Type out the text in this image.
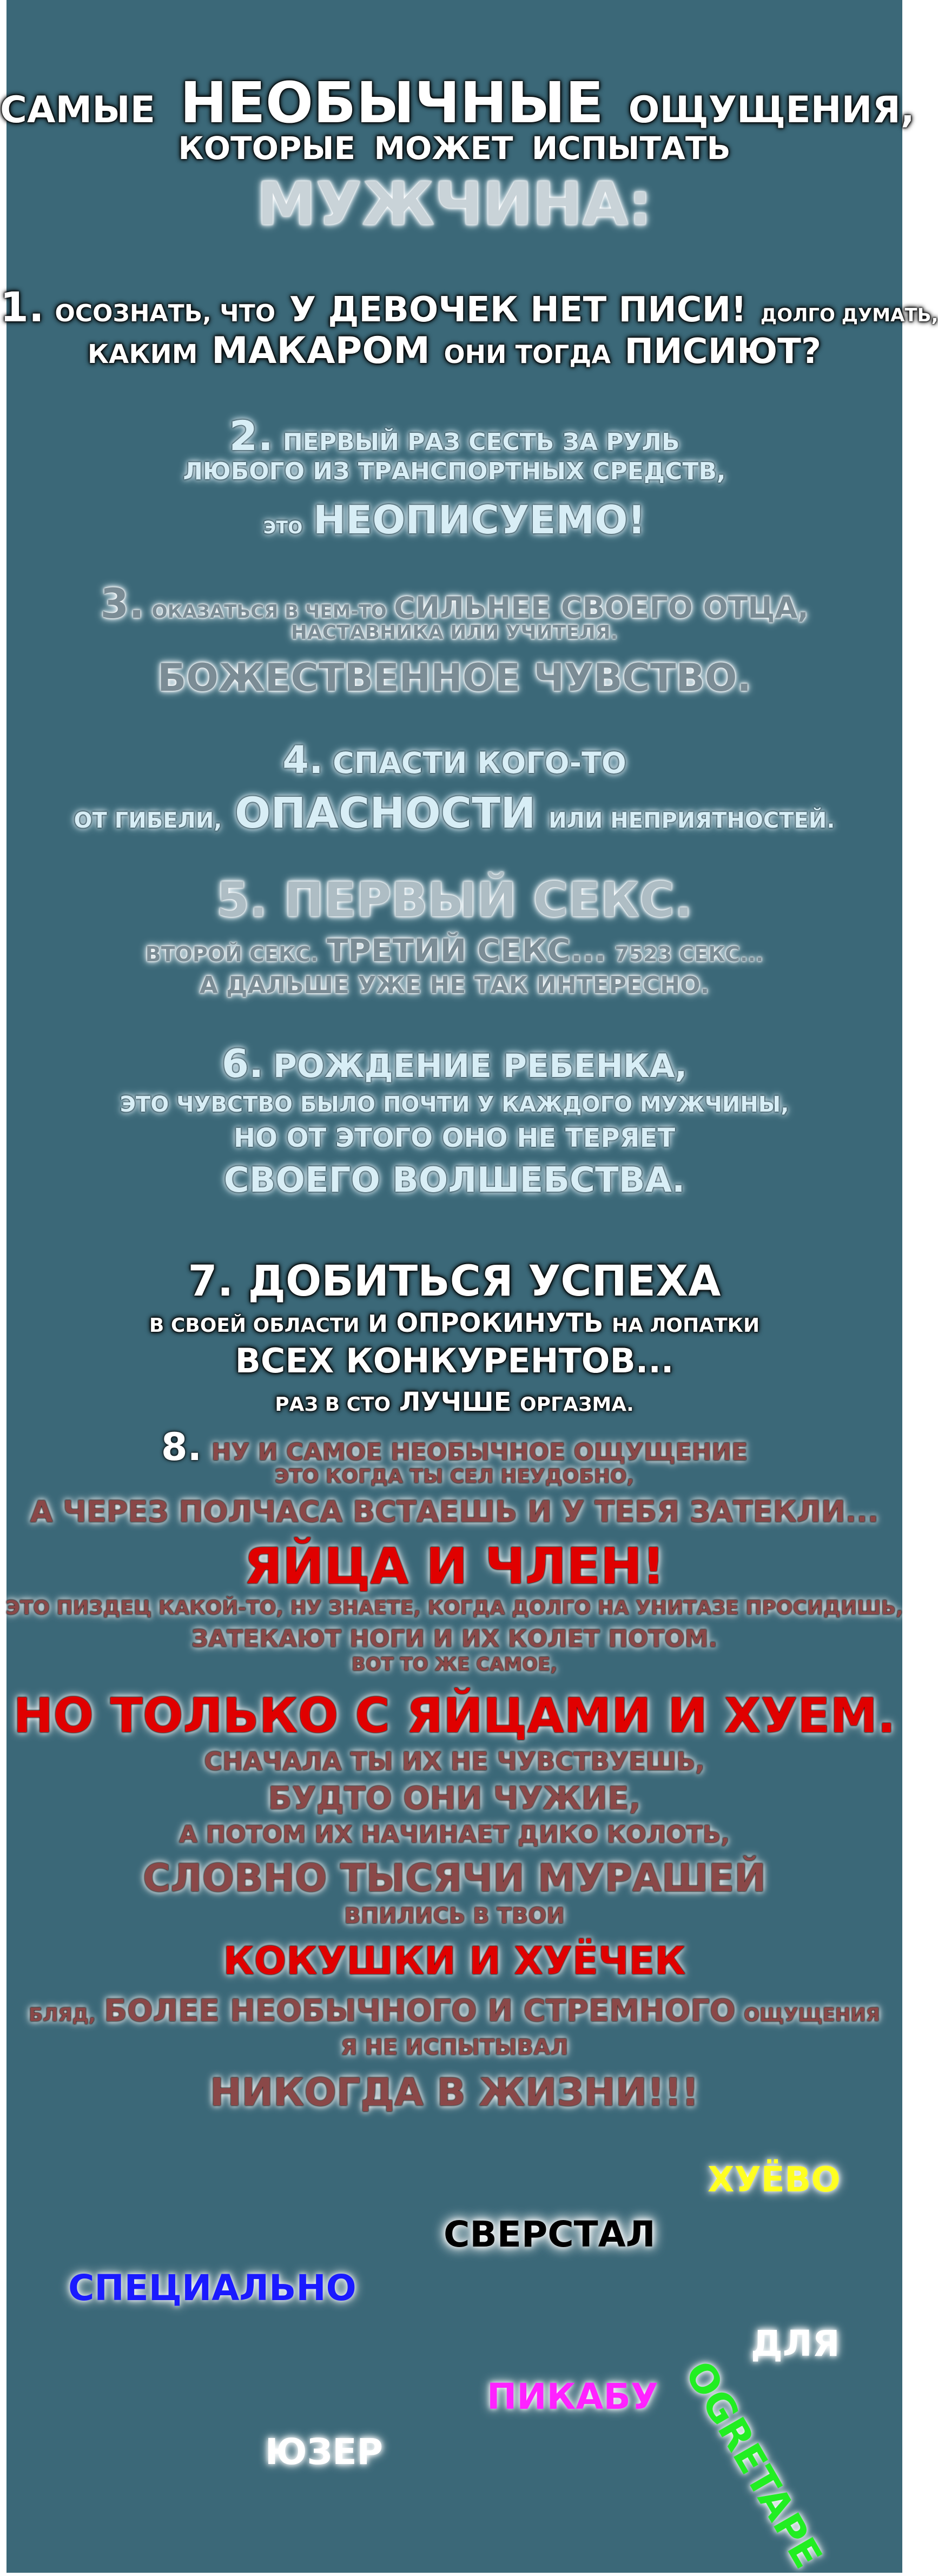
САМЫЕ НЕОБЫЧНЫЕ ОЩУЩЕНИЯ,
КОТОРЫЕ МОЖЕТ ИСПЫТАТЬ
МУЖЧИНА:
1. ОСОЗНАТЬ, ЧТО У ДЕВОЧЕК НЕТ ПИСИ! ДОЛГО ДУМАТЬ,
КАКИМ МАКАРОМ ОНИ ТОГДА ПИСИЮТ?
2. ПЕРВЫЙ РАЗ СЕСТЬ ЗА РУЛЬ
ЛЮБОГО ИЗ ТРАНСПОРТНЫХ СРЕДСТВ,
ЭТО НЕОПИСУЕМО!
3. ОКАЗАТЬСЯ В ЧЕМ-ТО СИЛЬНЕЕ СВОЕГО ОТЦА,
НАСТАВНИКА ИЛИ УЧИТЕЛЯ.
БОЖЕСТВЕННОЕ ЧУВСТВО.
4. СПАСТИ КОГО-ТО
ОТ ГИБЕЛИ, ОПАСНОСТИ ИЛИ НЕПРИЯТНОСТЕЙ.
5. ПЕРВЫЙ СЕКС.
ВТОРОЙ СЕКС. ТРЕТИЙ СЕКС... 7523 СЕКС...
А ДАЛЬШЕ УЖЕ НЕ ТАК ИНТЕРЕСНО.
6. РОЖДЕНИЕ РЕБЕНКА,
ЭТО ЧУВСТВО БЫЛО ПОЧТИ У КАЖДОГО МУЖЧИНЫ,
НО ОТ ЭТОГО ОНО НЕ ТЕРЯЕТ
СВОЕГО ВОЛШЕБСТВА.
7. ДОБИТЬСЯ УСПЕХА
В СВОЕЙ ОБЛАСТИ И ОПРОКИНУТЬ НА ЛОПАТКИ
ВСЕХ КОНКУРЕНТОВ...
РАЗ В СТО ЛУЧШЕ ОРГАЗМА.
8. НУ И САМОЕ НЕОБЫЧНОЕ ОЩУЩЕНИЕ
ЭТО КОГДА ТЫ СЕЛ НЕУДОБНО,
А ЧЕРЕЗ ПОЛЧАСА ВСТАЕШЬ И У ТЕБЯ ЗАТЕКЛИ...
ЯЙЦА И ЧЛЕН!
ЭТО ПИЗДЕЦ КАКОЙ-ТО, НУ ЗНАЕТЕ, КОГДА ДОЛГО НА УНИТАЗЕ ПРОСИДИШЬ,
ЗАТЕКАЮТ НОГИ И ИХ КОЛЕТ ПОТОМ.
ВОТ ТО ЖЕ САМОЕ,
НО ТОЛЬКО С ЯЙЦАМИ И ХУЕМ.
СНАЧАЛА ТЫ ИХ НЕ ЧУВСТВУЕШЬ,
БУДТО ОНИ ЧУЖИЕ,
А ПОТОМ ИХ НАЧИНАЕТ ДИКО КОЛОТЬ,
СЛОВНО ТЫСЯЧИ МУРАШЕЙ
ВПИЛИСЬ В ТВОИ
КОКУШКИ И ХУЁЧЕК
БЛЯД, БОЛЕЕ НЕОБЫЧНОГО И СТРЕМНОГО ОЩУЩЕНИЯ
Я НЕ ИСПЫТЫВАЛ
НИКОГДА В ЖИЗНИ!!!
ХУЁВО
СВЕРСТАЛ
СПЕЦИАЛЬНО
ДЛЯ
ПИКАБУ
ЮЗЕР	OGRETAPE
